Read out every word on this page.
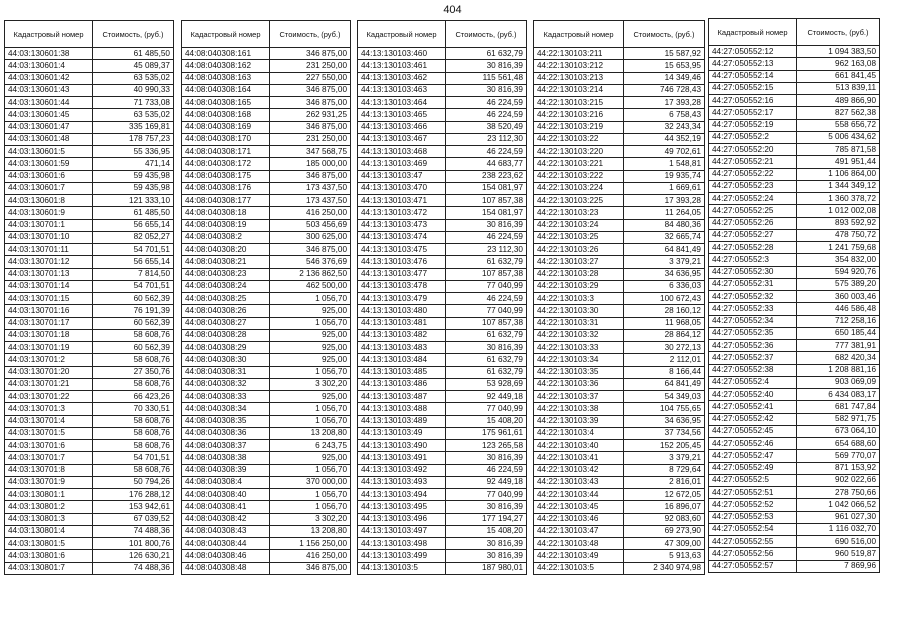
404
Кадастровый номер	Стоимость, (руб.)
44:03:130601:38	61 485,50
44:03:130601:4	45 089,37
44:03:130601:42	63 535,02
44:03:130601:43	40 990,33
44:03:130601:44	71 733,08
44:03:130601:45	63 535,02
44:03:130601:47	335 169,81
44:03:130601:48	178 757,23
44:03:130601:5	55 336,95
44:03:130601:59	471,14
44:03:130601:6	59 435,98
44:03:130601:7	59 435,98
44:03:130601:8	121 333,10
44:03:130601:9	61 485,50
44:03:130701:1	56 655,14
44:03:130701:10	82 052,27
44:03:130701:11	54 701,51
44:03:130701:12	56 655,14
44:03:130701:13	7 814,50
44:03:130701:14	54 701,51
44:03:130701:15	60 562,39
44:03:130701:16	76 191,39
44:03:130701:17	60 562,39
44:03:130701:18	58 608,76
44:03:130701:19	60 562,39
44:03:130701:2	58 608,76
44:03:130701:20	27 350,76
44:03:130701:21	58 608,76
44:03:130701:22	66 423,26
44:03:130701:3	70 330,51
44:03:130701:4	58 608,76
44:03:130701:5	58 608,76
44:03:130701:6	58 608,76
44:03:130701:7	54 701,51
44:03:130701:8	58 608,76
44:03:130701:9	50 794,26
44:03:130801:1	176 288,12
44:03:130801:2	153 942,61
44:03:130801:3	67 039,52
44:03:130801:4	74 488,36
44:03:130801:5	101 800,76
44:03:130801:6	126 630,21
44:03:130801:7	74 488,36
Кадастровый номер	Стоимость, (руб.)
44:08:040308:161	346 875,00
44:08:040308:162	231 250,00
44:08:040308:163	227 550,00
44:08:040308:164	346 875,00
44:08:040308:165	346 875,00
44:08:040308:168	262 931,25
44:08:040308:169	346 875,00
44:08:040308:170	231 250,00
44:08:040308:171	347 568,75
44:08:040308:172	185 000,00
44:08:040308:175	346 875,00
44:08:040308:176	173 437,50
44:08:040308:177	173 437,50
44:08:040308:18	416 250,00
44:08:040308:19	503 456,69
44:08:040308:2	300 625,00
44:08:040308:20	346 875,00
44:08:040308:21	546 376,69
44:08:040308:23	2 136 862,50
44:08:040308:24	462 500,00
44:08:040308:25	1 056,70
44:08:040308:26	925,00
44:08:040308:27	1 056,70
44:08:040308:28	925,00
44:08:040308:29	925,00
44:08:040308:30	925,00
44:08:040308:31	1 056,70
44:08:040308:32	3 302,20
44:08:040308:33	925,00
44:08:040308:34	1 056,70
44:08:040308:35	1 056,70
44:08:040308:36	13 208,80
44:08:040308:37	6 243,75
44:08:040308:38	925,00
44:08:040308:39	1 056,70
44:08:040308:4	370 000,00
44:08:040308:40	1 056,70
44:08:040308:41	1 056,70
44:08:040308:42	3 302,20
44:08:040308:43	13 208,80
44:08:040308:44	1 156 250,00
44:08:040308:46	416 250,00
44:08:040308:48	346 875,00
Кадастровый номер	Стоимость, (руб.)
44:13:130103:460	61 632,79
44:13:130103:461	30 816,39
44:13:130103:462	115 561,48
44:13:130103:463	30 816,39
44:13:130103:464	46 224,59
44:13:130103:465	46 224,59
44:13:130103:466	38 520,49
44:13:130103:467	23 112,30
44:13:130103:468	46 224,59
44:13:130103:469	44 683,77
44:13:130103:47	238 223,62
44:13:130103:470	154 081,97
44:13:130103:471	107 857,38
44:13:130103:472	154 081,97
44:13:130103:473	30 816,39
44:13:130103:474	46 224,59
44:13:130103:475	23 112,30
44:13:130103:476	61 632,79
44:13:130103:477	107 857,38
44:13:130103:478	77 040,99
44:13:130103:479	46 224,59
44:13:130103:480	77 040,99
44:13:130103:481	107 857,38
44:13:130103:482	61 632,79
44:13:130103:483	30 816,39
44:13:130103:484	61 632,79
44:13:130103:485	61 632,79
44:13:130103:486	53 928,69
44:13:130103:487	92 449,18
44:13:130103:488	77 040,99
44:13:130103:489	15 408,20
44:13:130103:49	175 961,61
44:13:130103:490	123 265,58
44:13:130103:491	30 816,39
44:13:130103:492	46 224,59
44:13:130103:493	92 449,18
44:13:130103:494	77 040,99
44:13:130103:495	30 816,39
44:13:130103:496	177 194,27
44:13:130103:497	15 408,20
44:13:130103:498	30 816,39
44:13:130103:499	30 816,39
44:13:130103:5	187 980,01
Кадастровый номер	Стоимость, (руб.)
44:22:130103:211	15 587,92
44:22:130103:212	15 653,95
44:22:130103:213	14 349,46
44:22:130103:214	746 728,43
44:22:130103:215	17 393,28
44:22:130103:216	6 758,43
44:22:130103:219	32 243,34
44:22:130103:22	44 352,19
44:22:130103:220	49 702,61
44:22:130103:221	1 548,81
44:22:130103:222	19 935,74
44:22:130103:224	1 669,61
44:22:130103:225	17 393,28
44:22:130103:23	11 264,05
44:22:130103:24	84 480,36
44:22:130103:25	32 665,74
44:22:130103:26	64 841,49
44:22:130103:27	3 379,21
44:22:130103:28	34 636,95
44:22:130103:29	6 336,03
44:22:130103:3	100 672,43
44:22:130103:30	28 160,12
44:22:130103:31	11 968,05
44:22:130103:32	28 864,12
44:22:130103:33	30 272,13
44:22:130103:34	2 112,01
44:22:130103:35	8 166,44
44:22:130103:36	64 841,49
44:22:130103:37	54 349,03
44:22:130103:38	104 755,65
44:22:130103:39	34 636,95
44:22:130103:4	37 734,56
44:22:130103:40	152 205,45
44:22:130103:41	3 379,21
44:22:130103:42	8 729,64
44:22:130103:43	2 816,01
44:22:130103:44	12 672,05
44:22:130103:45	16 896,07
44:22:130103:46	92 083,60
44:22:130103:47	69 273,90
44:22:130103:48	47 309,00
44:22:130103:49	5 913,63
44:22:130103:5	2 340 974,98
Кадастровый номер	Стоимость, (руб.)
44:27:050552:12	1 094 383,50
44:27:050552:13	962 163,08
44:27:050552:14	661 841,45
44:27:050552:15	513 839,11
44:27:050552:16	489 866,90
44:27:050552:17	827 562,38
44:27:050552:19	558 656,72
44:27:050552:2	5 006 434,62
44:27:050552:20	785 871,58
44:27:050552:21	491 951,44
44:27:050552:22	1 106 864,00
44:27:050552:23	1 344 349,12
44:27:050552:24	1 360 378,72
44:27:050552:25	1 012 002,08
44:27:050552:26	893 592,92
44:27:050552:27	478 750,72
44:27:050552:28	1 241 759,68
44:27:050552:3	354 832,00
44:27:050552:30	594 920,76
44:27:050552:31	575 389,20
44:27:050552:32	360 003,46
44:27:050552:33	446 586,48
44:27:050552:34	712 258,16
44:27:050552:35	650 185,44
44:27:050552:36	777 381,91
44:27:050552:37	682 420,34
44:27:050552:38	1 208 881,16
44:27:050552:4	903 069,09
44:27:050552:40	6 434 083,17
44:27:050552:41	681 747,84
44:27:050552:42	582 971,75
44:27:050552:45	673 064,10
44:27:050552:46	654 688,60
44:27:050552:47	569 770,07
44:27:050552:49	871 153,92
44:27:050552:5	902 022,66
44:27:050552:51	278 750,66
44:27:050552:52	1 042 066,52
44:27:050552:53	961 027,30
44:27:050552:54	1 116 032,70
44:27:050552:55	690 516,00
44:27:050552:56	960 519,87
44:27:050552:57	7 869,96
